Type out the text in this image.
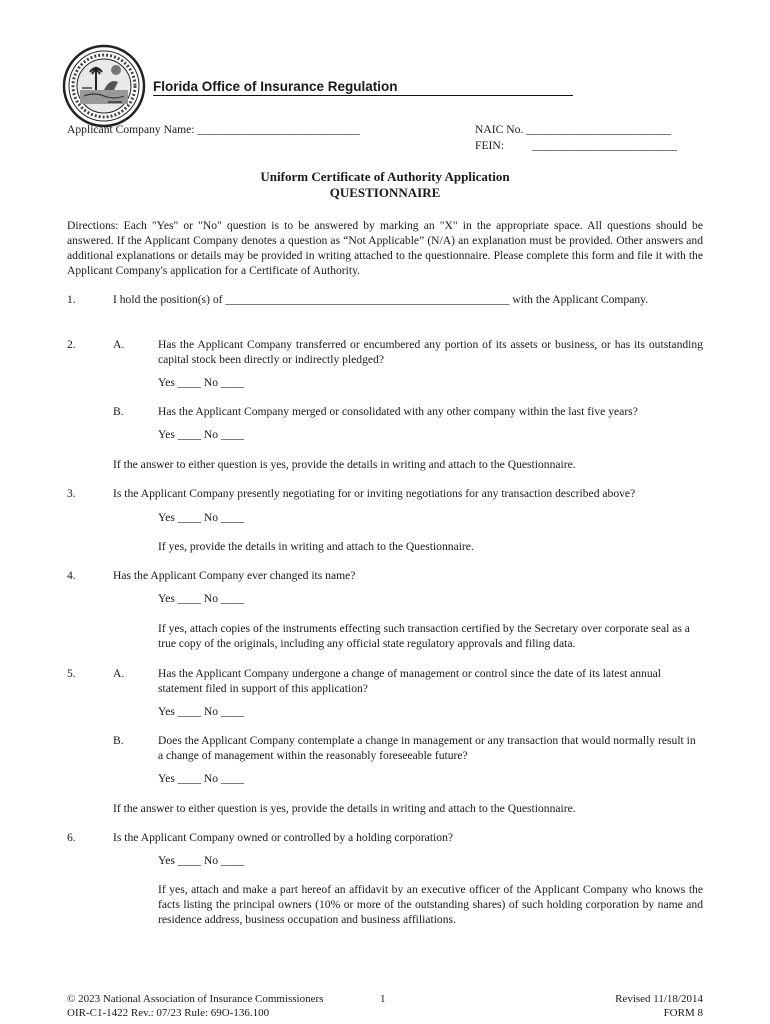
Florida Office of Insurance Regulation
Applicant Company Name: ____________________________	NAIC No. _________________________
FEIN: _________________________
Uniform Certificate of Authority Application
QUESTIONNAIRE
Directions: Each "Yes" or "No" question is to be answered by marking an "X" in the appropriate space. All questions should be answered. If the Applicant Company denotes a question as “Not Applicable” (N/A) an explanation must be provided. Other answers and additional explanations or details may be provided in writing attached to the questionnaire. Please complete this form and file it with the Applicant Company's application for a Certificate of Authority.
1.	I hold the position(s) of _________________________________________________ with the Applicant Company.
2.	A.	Has the Applicant Company transferred or encumbered any portion of its assets or business, or has its outstanding capital stock been directly or indirectly pledged?
Yes ____ No ____
B.	Has the Applicant Company merged or consolidated with any other company within the last five years?
Yes ____ No ____
If the answer to either question is yes, provide the details in writing and attach to the Questionnaire.
3.	Is the Applicant Company presently negotiating for or inviting negotiations for any transaction described above?
Yes ____ No ____
If yes, provide the details in writing and attach to the Questionnaire.
4.	Has the Applicant Company ever changed its name?
Yes ____ No ____
If yes, attach copies of the instruments effecting such transaction certified by the Secretary over corporate seal as a true copy of the originals, including any official state regulatory approvals and filing data.
5.	A.	Has the Applicant Company undergone a change of management or control since the date of its latest annual statement filed in support of this application?
Yes ____ No ____
B.	Does the Applicant Company contemplate a change in management or any transaction that would normally result in a change of management within the reasonably foreseeable future?
Yes ____ No ____
If the answer to either question is yes, provide the details in writing and attach to the Questionnaire.
6.	Is the Applicant Company owned or controlled by a holding corporation?
Yes ____ No ____
If yes, attach and make a part hereof an affidavit by an executive officer of the Applicant Company who knows the facts listing the principal owners (10% or more of the outstanding shares) of such holding corporation by name and residence address, business occupation and business affiliations.
© 2023 National Association of Insurance Commissioners
OIR-C1-1422 Rev.: 07/23 Rule: 69O-136.100
1	Revised 11/18/2014
FORM 8
